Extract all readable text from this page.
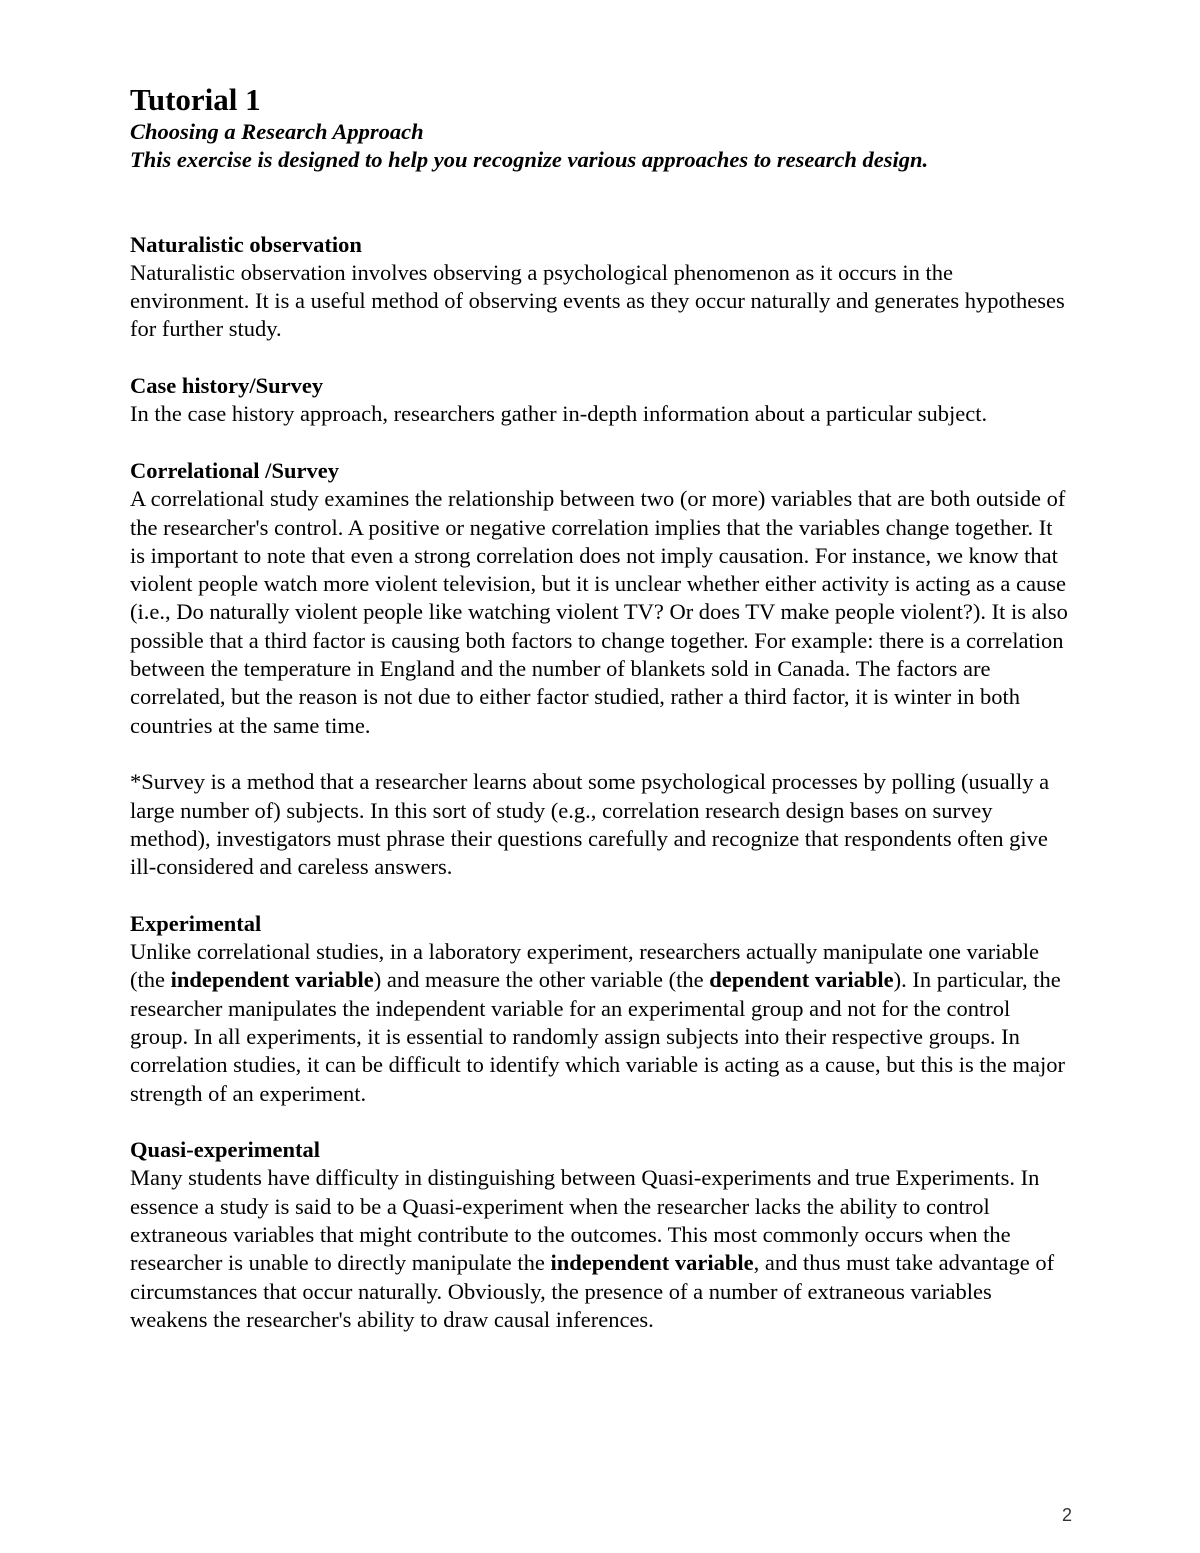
Tutorial 1
Choosing a Research Approach
This exercise is designed to help you recognize various approaches to research design.
Naturalistic observation

Naturalistic observation involves observing a psychological phenomenon as it occurs in the environment. It is a useful method of observing events as they occur naturally and generates hypotheses for further study.

Case history/Survey

In the case history approach, researchers gather in-depth information about a particular subject.

Correlational /Survey

A correlational study examines the relationship between two (or more) variables that are both outside of the researcher's control. A positive or negative correlation implies that the variables change together. It is important to note that even a strong correlation does not imply causation. For instance, we know that violent people watch more violent television, but it is unclear whether either activity is acting as a cause (i.e., Do naturally violent people like watching violent TV? Or does TV make people violent?). It is also possible that a third factor is causing both factors to change together. For example: there is a correlation between the temperature in England and the number of blankets sold in Canada. The factors are correlated, but the reason is not due to either factor studied, rather a third factor, it is winter in both countries at the same time.

*Survey is a method that a researcher learns about some psychological processes by polling (usually a large number of) subjects. In this sort of study (e.g., correlation research design bases on survey method), investigators must phrase their questions carefully and recognize that respondents often give ill-considered and careless answers.

Experimental

Unlike correlational studies, in a laboratory experiment, researchers actually manipulate one variable (the independent variable) and measure the other variable (the dependent variable). In particular, the researcher manipulates the independent variable for an experimental group and not for the control group. In all experiments, it is essential to randomly assign subjects into their respective groups. In correlation studies, it can be difficult to identify which variable is acting as a cause, but this is the major strength of an experiment.

Quasi-experimental

Many students have difficulty in distinguishing between Quasi-experiments and true Experiments. In essence a study is said to be a Quasi-experiment when the researcher lacks the ability to control extraneous variables that might contribute to the outcomes. This most commonly occurs when the researcher is unable to directly manipulate the independent variable, and thus must take advantage of circumstances that occur naturally. Obviously, the presence of a number of extraneous variables weakens the researcher's ability to draw causal inferences.

2
